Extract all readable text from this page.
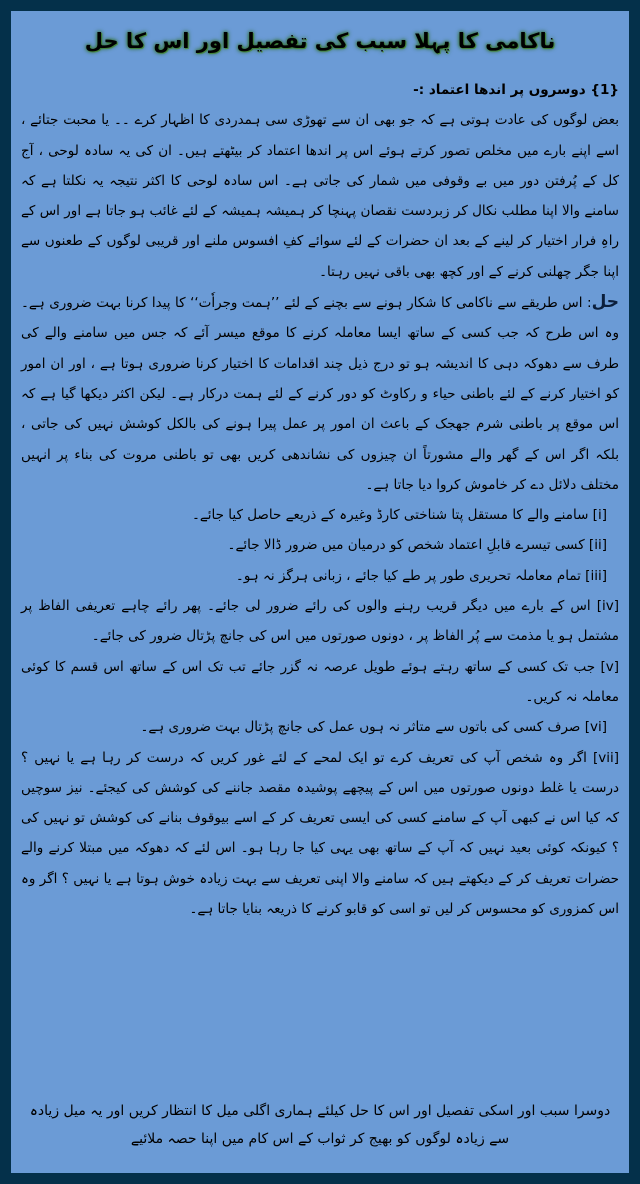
ناکامی کا پہلا سبب کی تفصیل اور اس کا حل

{1} دوسروں پر اندھا اعتماد :-

بعض لوگوں کی عادت ہوتی ہے کہ جو بھی ان سے تھوڑی سی ہمدردی کا اظہار کرے ۔۔ یا محبت جتائے ، اسے اپنے بارے میں مخلص تصور کرتے ہوئے اس پر اندھا اعتماد کر بیٹھتے ہیں۔ ان کی یہ سادہ لوحی ، آج کل کے پُرفتن دور میں بے وقوفی میں شمار کی جاتی ہے۔ اس سادہ لوحی کا اکثر نتیجہ یہ نکلتا ہے کہ سامنے والا اپنا مطلب نکال کر زبردست نقصان پہنچا کر ہمیشہ ہمیشہ کے لئے غائب ہو جاتا ہے اور اس کے راہِ فرار اختیار کر لینے کے بعد ان حضرات کے لئے سوائے کفِ افسوس ملنے اور قریبی لوگوں کے طعنوں سے اپنا جگر چھلنی کرنے کے اور کچھ بھی باقی نہیں رہتا۔

حل: اس طریقے سے ناکامی کا شکار ہونے سے بچنے کے لئے ’’ہمت وجراٗت‘‘ کا پیدا کرنا بہت ضروری ہے۔ وہ اس طرح کہ جب کسی کے ساتھ ایسا معاملہ کرنے کا موقع میسر آئے کہ جس میں سامنے والے کی طرف سے دھوکہ دہی کا اندیشہ ہو تو درج ذیل چند اقدامات کا اختیار کرنا ضروری ہوتا ہے ، اور ان امور کو اختیار کرنے کے لئے باطنی حیاء و رکاوٹ کو دور کرنے کے لئے ہمت درکار ہے۔ لیکن اکثر دیکھا گیا ہے کہ اس موقع پر باطنی شرم جھجک کے باعث ان امور پر عمل پیرا ہونے کی بالکل کوشش نہیں کی جاتی ، بلکہ اگر اس کے گھر والے مشورتاً ان چیزوں کی نشاندھی کریں بھی تو باطنی مروت کی بناء پر انہیں مختلف دلائل دے کر خاموش کروا دیا جاتا ہے۔

[i] سامنے والے کا مستقل پتا شناختی کارڈ وغیرہ کے ذریعے حاصل کیا جائے۔

[ii] کسی تیسرے قابلِ اعتماد شخص کو درمیان میں ضرور ڈالا جائے۔

[iii] تمام معاملہ تحریری طور پر طے کیا جائے ، زبانی ہرگز نہ ہو۔

[iv] اس کے بارے میں دیگر قریب رہنے والوں کی رائے ضرور لی جائے۔ پھر رائے چاہے تعریفی الفاظ پر مشتمل ہو یا مذمت سے پُر الفاظ پر ، دونوں صورتوں میں اس کی جانچ پڑتال ضرور کی جائے۔

[v] جب تک کسی کے ساتھ رہتے ہوئے طویل عرصہ نہ گزر جائے تب تک اس کے ساتھ اس قسم کا کوئی معاملہ نہ کریں۔

[vi] صرف کسی کی باتوں سے متاثر نہ ہوں عمل کی جانچ پڑتال بہت ضروری ہے۔

[vii] اگر وہ شخص آپ کی تعریف کرے تو ایک لمحے کے لئے غور کریں کہ درست کر رہا ہے یا نہیں ؟ درست یا غلط دونوں صورتوں میں اس کے پیچھے پوشیدہ مقصد جاننے کی کوشش کی کیجئے۔ نیز سوچیں کہ کیا اس نے کبھی آپ کے سامنے کسی کی ایسی تعریف کر کے اسے بیوقوف بنانے کی کوشش تو نہیں کی ؟ کیونکہ کوئی بعید نہیں کہ آپ کے ساتھ بھی یہی کیا جا رہا ہو۔ اس لئے کہ دھوکہ میں مبتلا کرنے والے حضرات تعریف کر کے دیکھتے ہیں کہ سامنے والا اپنی تعریف سے بہت زیادہ خوش ہوتا ہے یا نہیں ؟ اگر وہ اس کمزوری کو محسوس کر لیں تو اسی کو قابو کرنے کا ذریعہ بنایا جاتا ہے۔

دوسرا سبب اور اسکی تفصیل اور اس کا حل کیلئے ہماری اگلی میل کا انتظار کریں اور یہ میل زیادہ سے زیادہ لوگوں کو بھیج کر ثواب کے اس کام میں اپنا حصہ ملائیے
